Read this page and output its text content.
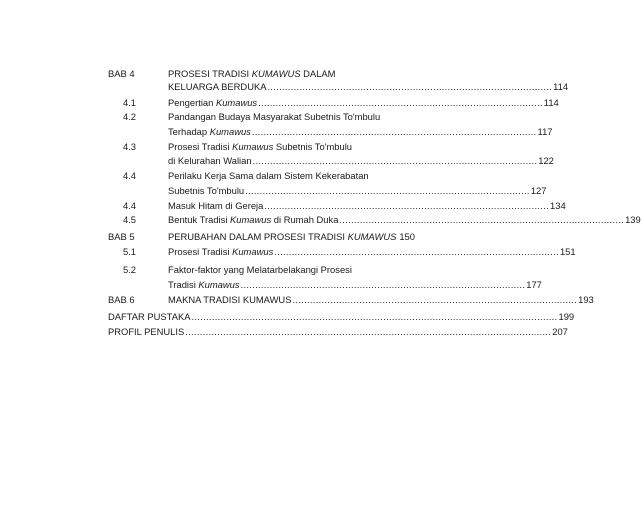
BAB 4	PROSESI TRADISI KUMAWUS DALAM
KELUARGA BERDUKA .................................................................................................. 114
4.1	Pengertian Kumawus .................................................................................................. 114
4.2	Pandangan Budaya Masyarakat Subetnis To'mbulu
Terhadap Kumawus .................................................................................................. 117
4.3	Prosesi Tradisi Kumawus Subetnis To'mbulu
di Kelurahan Walian .................................................................................................. 122
4.4	Perilaku Kerja Sama dalam Sistem Kekerabatan
Subetnis To'mbulu .................................................................................................. 127
4.4	Masuk Hitam di Gereja .................................................................................................. 134
4.5	Bentuk Tradisi Kumawus di Rumah Duka .................................................................................................. 139
BAB 5	PERUBAHAN DALAM PROSESI TRADISI KUMAWUS 150
5.1	Prosesi Tradisi Kumawus .................................................................................................. 151
5.2	Faktor-faktor yang Melatarbelakangi Prosesi
Tradisi Kumawus .................................................................................................. 177
BAB 6	MAKNA TRADISI KUMAWUS .................................................................................................. 193
DAFTAR PUSTAKA .............................................................................................................................. 199
PROFIL PENULIS .............................................................................................................................. 207
